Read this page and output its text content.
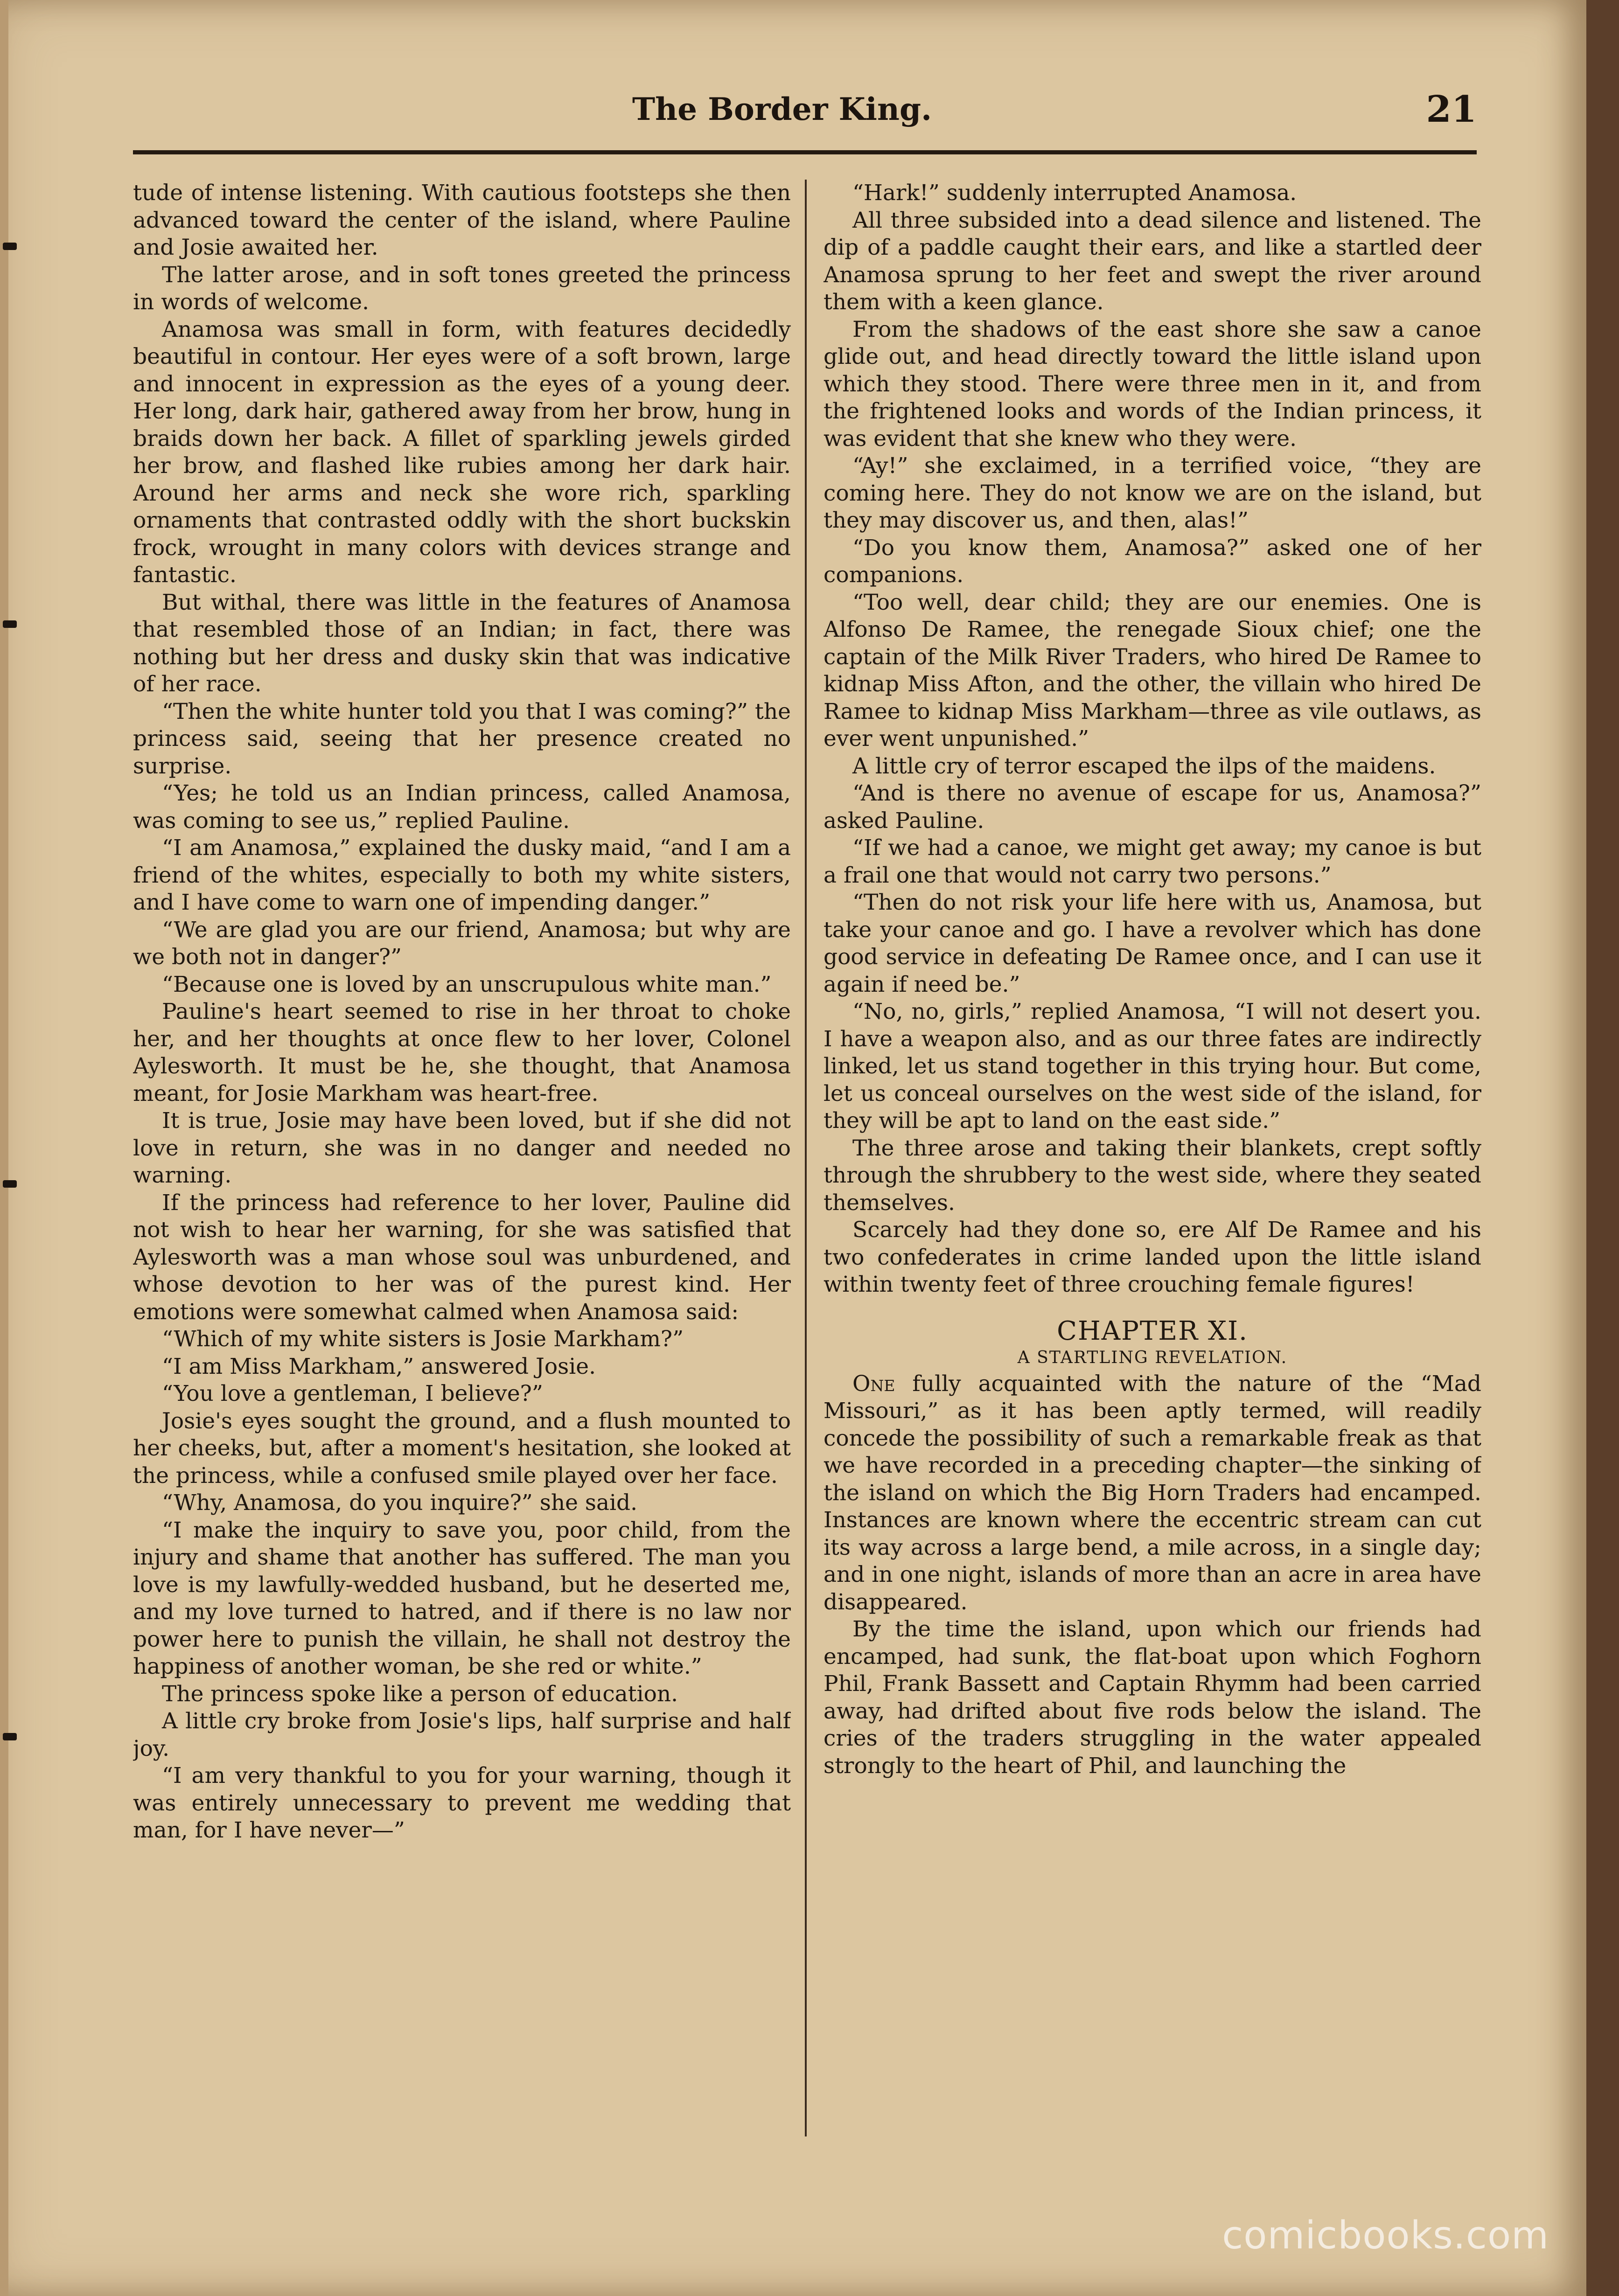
The Border King.	21

tude of intense listening. With cautious footsteps she then advanced toward the center of the island, where Pauline and Josie awaited her.

The latter arose, and in soft tones greeted the princess in words of welcome.

Anamosa was small in form, with features decidedly beautiful in contour. Her eyes were of a soft brown, large and innocent in expression as the eyes of a young deer. Her long, dark hair, gathered away from her brow, hung in braids down her back. A fillet of sparkling jewels girded her brow, and flashed like rubies among her dark hair. Around her arms and neck she wore rich, sparkling ornaments that contrasted oddly with the short buckskin frock, wrought in many colors with devices strange and fantastic.

But withal, there was little in the features of Anamosa that resembled those of an Indian; in fact, there was nothing but her dress and dusky skin that was indicative of her race.

“Then the white hunter told you that I was coming?” the princess said, seeing that her presence created no surprise.

“Yes; he told us an Indian princess, called Anamosa, was coming to see us,” replied Pauline.

“I am Anamosa,” explained the dusky maid, “and I am a friend of the whites, especially to both my white sisters, and I have come to warn one of impending danger.”

“We are glad you are our friend, Anamosa; but why are we both not in danger?”

“Because one is loved by an unscrupulous white man.”

Pauline's heart seemed to rise in her throat to choke her, and her thoughts at once flew to her lover, Colonel Aylesworth. It must be he, she thought, that Anamosa meant, for Josie Markham was heart-free.

It is true, Josie may have been loved, but if she did not love in return, she was in no danger and needed no warning.

If the princess had reference to her lover, Pauline did not wish to hear her warning, for she was satisfied that Aylesworth was a man whose soul was unburdened, and whose devotion to her was of the purest kind. Her emotions were somewhat calmed when Anamosa said:

“Which of my white sisters is Josie Markham?”

“I am Miss Markham,” answered Josie.

“You love a gentleman, I believe?”

Josie's eyes sought the ground, and a flush mounted to her cheeks, but, after a moment's hesitation, she looked at the princess, while a confused smile played over her face.

“Why, Anamosa, do you inquire?” she said.

“I make the inquiry to save you, poor child, from the injury and shame that another has suffered. The man you love is my lawfully-wedded husband, but he deserted me, and my love turned to hatred, and if there is no law nor power here to punish the villain, he shall not destroy the happiness of another woman, be she red or white.”

The princess spoke like a person of education.

A little cry broke from Josie's lips, half surprise and half joy.

“I am very thankful to you for your warning, though it was entirely unnecessary to prevent me wedding that man, for I have never—”

“Hark!” suddenly interrupted Anamosa.

All three subsided into a dead silence and listened. The dip of a paddle caught their ears, and like a startled deer Anamosa sprung to her feet and swept the river around them with a keen glance.

From the shadows of the east shore she saw a canoe glide out, and head directly toward the little island upon which they stood. There were three men in it, and from the frightened looks and words of the Indian princess, it was evident that she knew who they were.

“Ay!” she exclaimed, in a terrified voice, “they are coming here. They do not know we are on the island, but they may discover us, and then, alas!”

“Do you know them, Anamosa?” asked one of her companions.

“Too well, dear child; they are our enemies. One is Alfonso De Ramee, the renegade Sioux chief; one the captain of the Milk River Traders, who hired De Ramee to kidnap Miss Afton, and the other, the villain who hired De Ramee to kidnap Miss Markham—three as vile outlaws, as ever went unpunished.”

A little cry of terror escaped the ilps of the maidens.

“And is there no avenue of escape for us, Anamosa?” asked Pauline.

“If we had a canoe, we might get away; my canoe is but a frail one that would not carry two persons.”

“Then do not risk your life here with us, Anamosa, but take your canoe and go. I have a revolver which has done good service in defeating De Ramee once, and I can use it again if need be.”

“No, no, girls,” replied Anamosa, “I will not desert you. I have a weapon also, and as our three fates are indirectly linked, let us stand together in this trying hour. But come, let us conceal ourselves on the west side of the island, for they will be apt to land on the east side.”

The three arose and taking their blankets, crept softly through the shrubbery to the west side, where they seated themselves.

Scarcely had they done so, ere Alf De Ramee and his two confederates in crime landed upon the little island within twenty feet of three crouching female figures!

CHAPTER XI.
A STARTLING REVELATION.

One fully acquainted with the nature of the “Mad Missouri,” as it has been aptly termed, will readily concede the possibility of such a remarkable freak as that we have recorded in a preceding chapter—the sinking of the island on which the Big Horn Traders had encamped. Instances are known where the eccentric stream can cut its way across a large bend, a mile across, in a single day; and in one night, islands of more than an acre in area have disappeared.

By the time the island, upon which our friends had encamped, had sunk, the flat-boat upon which Foghorn Phil, Frank Bassett and Captain Rhymm had been carried away, had drifted about five rods below the island. The cries of the traders struggling in the water appealed strongly to the heart of Phil, and launching the

comicbooks.com
